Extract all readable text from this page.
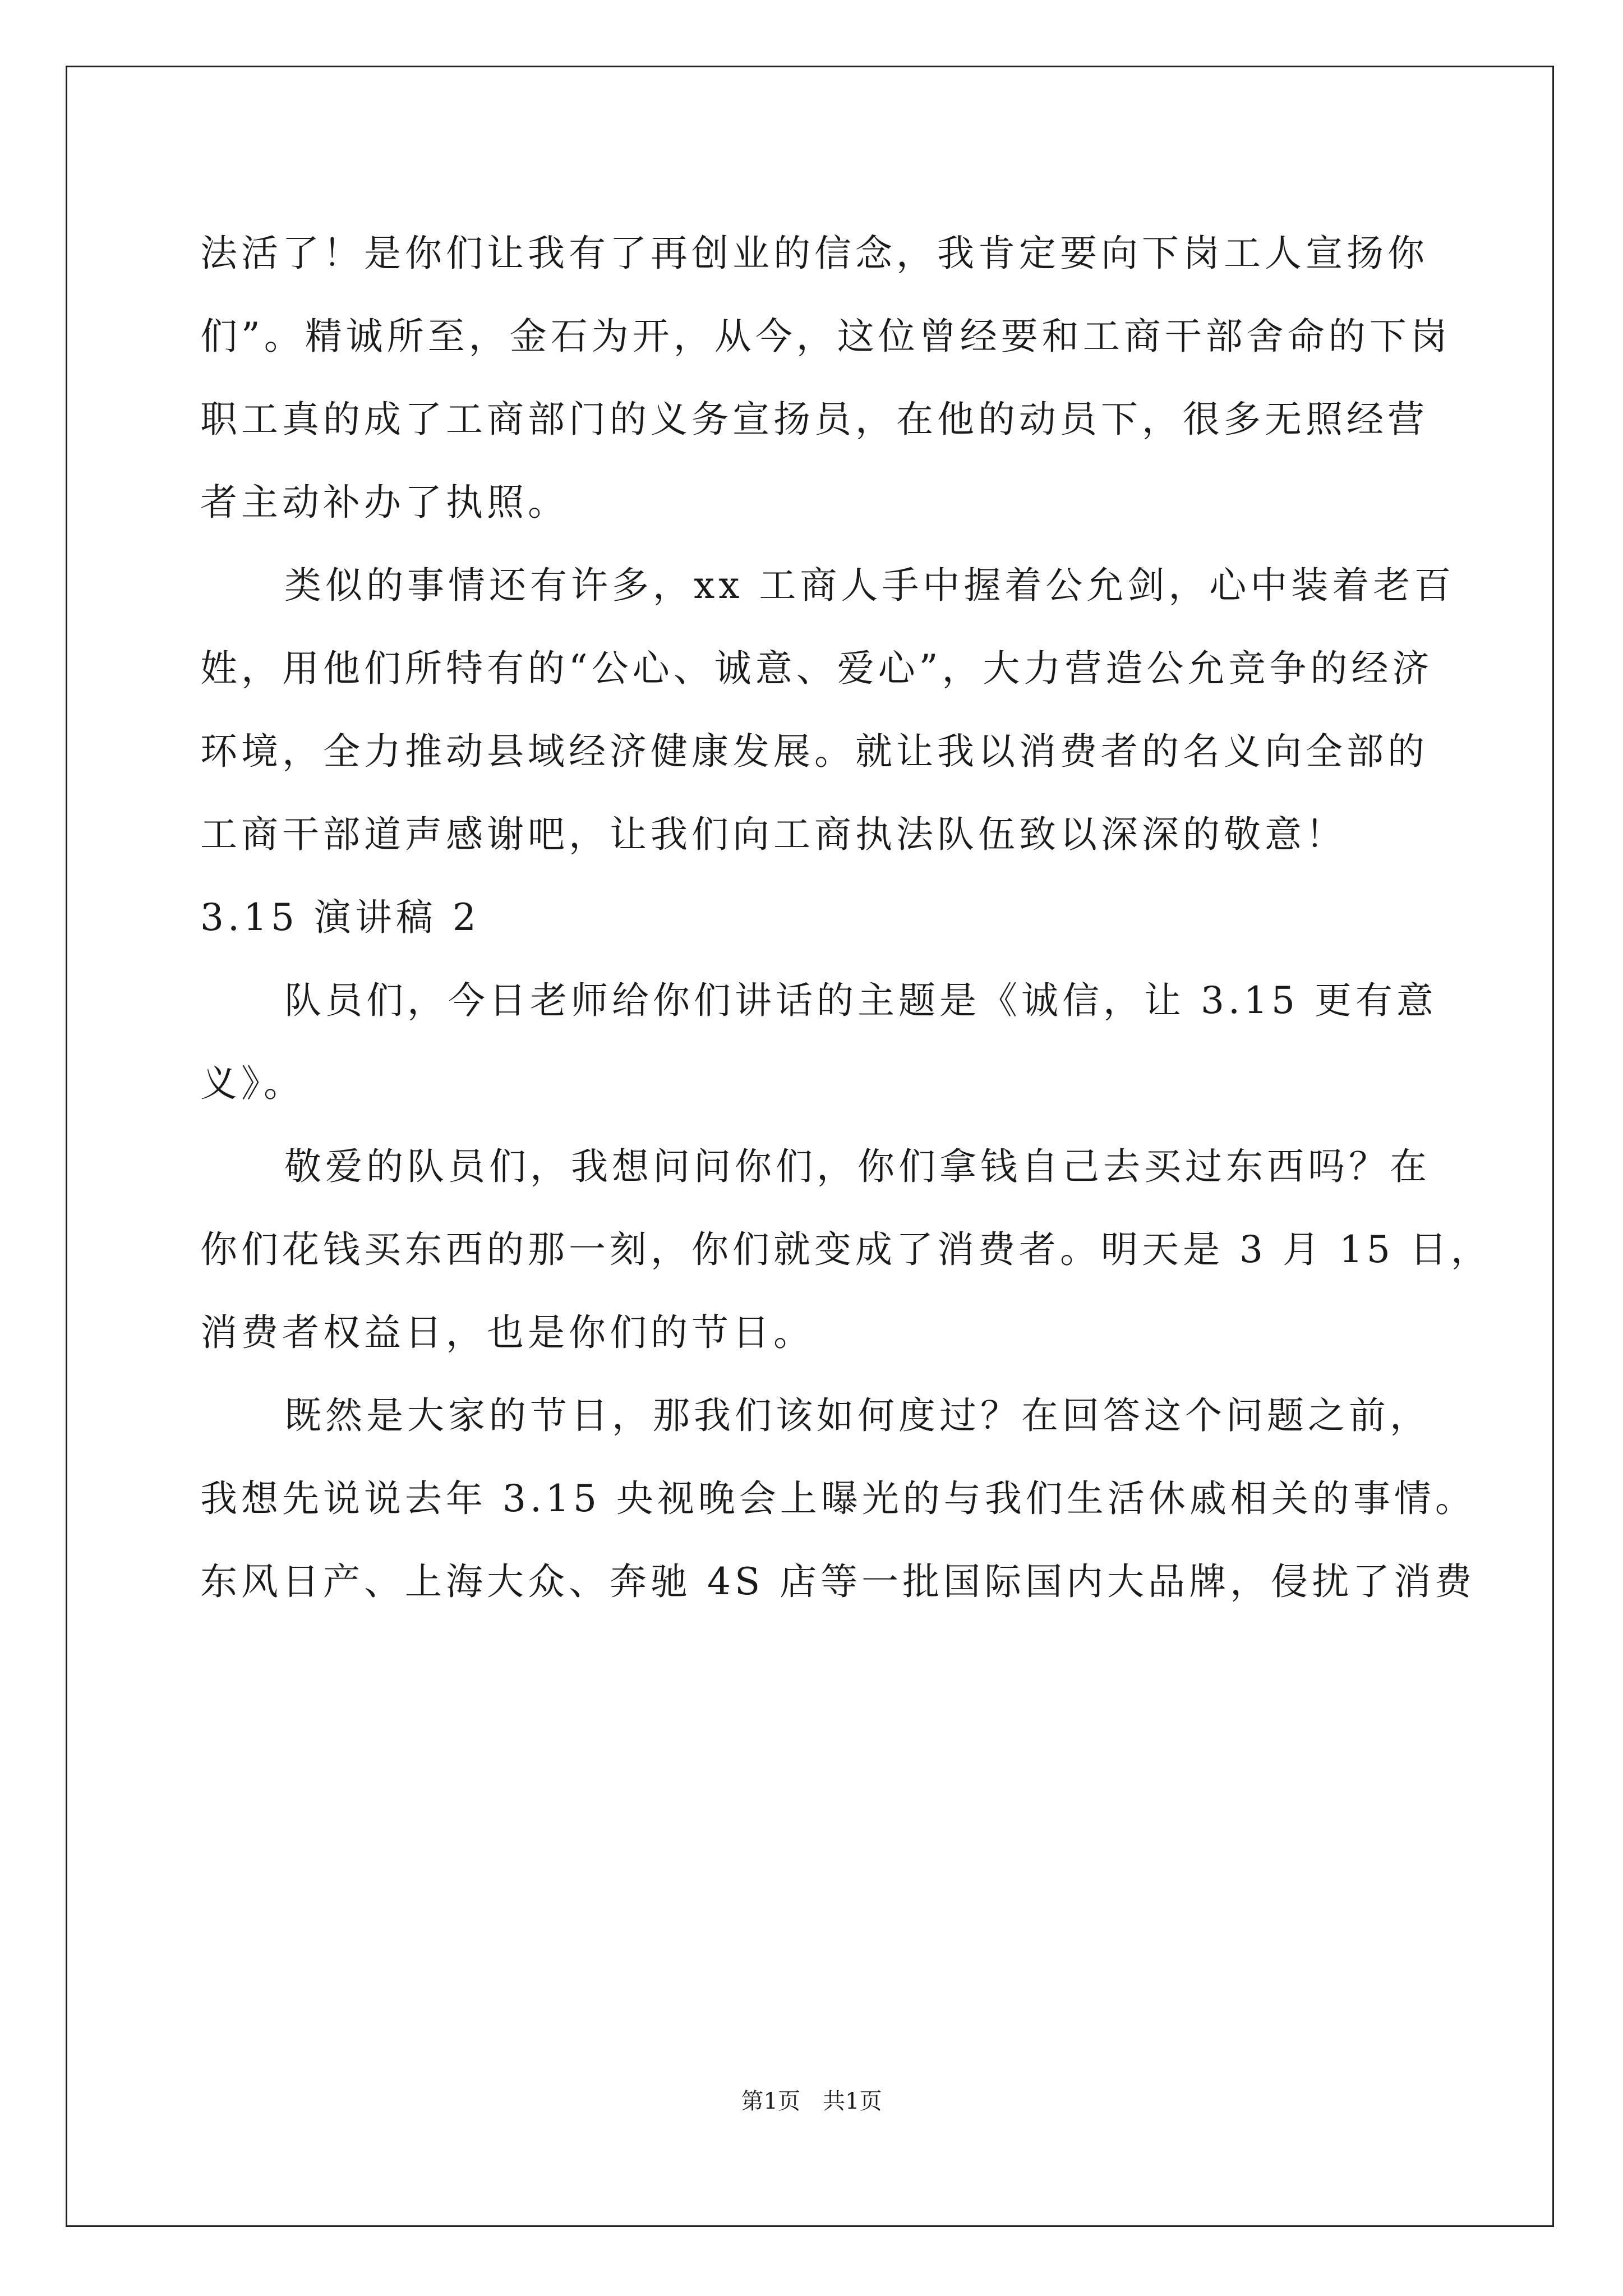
法活了！是你们让我有了再创业的信念，我肯定要向下岗工人宣扬你
们”。精诚所至，金石为开，从今，这位曾经要和工商干部舍命的下岗
职工真的成了工商部门的义务宣扬员，在他的动员下，很多无照经营
者主动补办了执照。
类似的事情还有许多，xx 工商人手中握着公允剑，心中装着老百
姓，用他们所特有的“公心、诚意、爱心”，大力营造公允竞争的经济
环境，全力推动县域经济健康发展。就让我以消费者的名义向全部的
工商干部道声感谢吧，让我们向工商执法队伍致以深深的敬意！
3.15 演讲稿 2
队员们，今日老师给你们讲话的主题是《诚信，让 3.15 更有意
义》。
敬爱的队员们，我想问问你们，你们拿钱自己去买过东西吗？在
你们花钱买东西的那一刻，你们就变成了消费者。明天是 3 月 15 日，
消费者权益日，也是你们的节日。
既然是大家的节日，那我们该如何度过？在回答这个问题之前，
我想先说说去年 3.15 央视晚会上曝光的与我们生活休戚相关的事情。
东风日产、上海大众、奔驰 4S 店等一批国际国内大品牌，侵扰了消费
第1页　共1页
